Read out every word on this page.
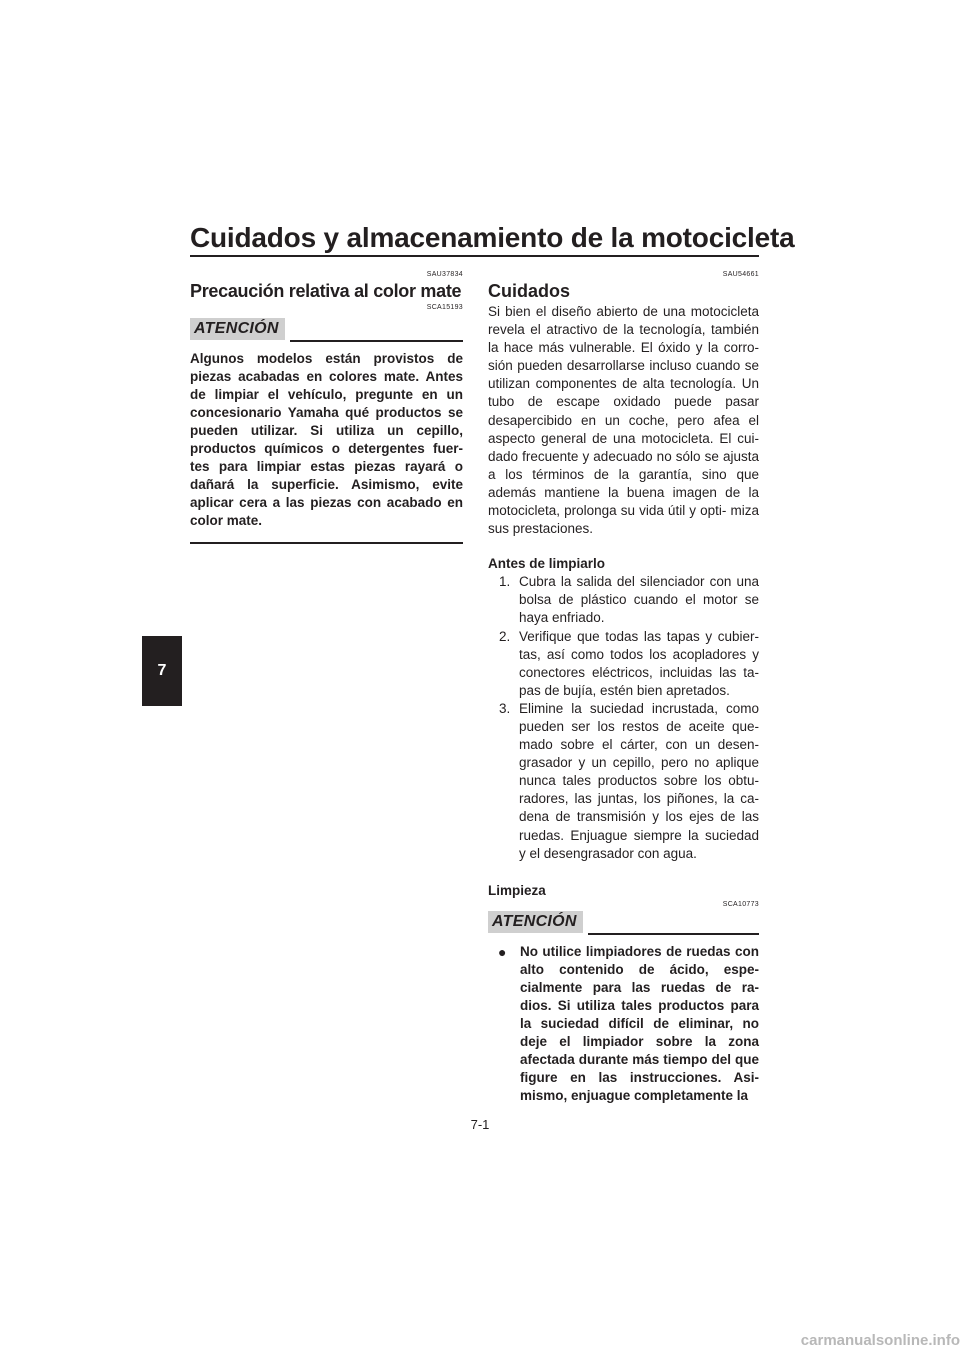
Cuidados y almacenamiento de la motocicleta
7

SAU37834

Precaución relativa al color mate

SCA15193

ATENCIÓN

Algunos modelos están provistos de piezas acabadas en colores mate. Antes de limpiar el vehículo, pregunte en un concesionario Yamaha qué productos se pueden utilizar. Si utiliza un cepillo, productos químicos o detergentes fuer- tes para limpiar estas piezas rayará o dañará la superficie. Asimismo, evite aplicar cera a las piezas con acabado en color mate.

SAU54661

Cuidados

Si bien el diseño abierto de una motocicleta revela el atractivo de la tecnología, también la hace más vulnerable. El óxido y la corro- sión pueden desarrollarse incluso cuando se utilizan componentes de alta tecnología. Un tubo de escape oxidado puede pasar desapercibido en un coche, pero afea el aspecto general de una motocicleta. El cui- dado frecuente y adecuado no sólo se ajusta a los términos de la garantía, sino que además mantiene la buena imagen de la motocicleta, prolonga su vida útil y opti- miza sus prestaciones.

Antes de limpiarlo
1. Cubra la salida del silenciador con una bolsa de plástico cuando el motor se haya enfriado.
2. Verifique que todas las tapas y cubier- tas, así como todos los acopladores y conectores eléctricos, incluidas las ta- pas de bujía, estén bien apretados.
3. Elimine la suciedad incrustada, como pueden ser los restos de aceite que- mado sobre el cárter, con un desen- grasador y un cepillo, pero no aplique nunca tales productos sobre los obtu- radores, las juntas, los piñones, la ca- dena de transmisión y los ejes de las ruedas. Enjuague siempre la suciedad y el desengrasador con agua.
Limpieza

SCA10773

ATENCIÓN
●	No utilice limpiadores de ruedas con alto contenido de ácido, espe- cialmente para las ruedas de ra- dios. Si utiliza tales productos para la suciedad difícil de eliminar, no deje el limpiador sobre la zona afectada durante más tiempo del que figure en las instrucciones. Asi- mismo, enjuague completamente la

7-1

carmanualsonline.info
